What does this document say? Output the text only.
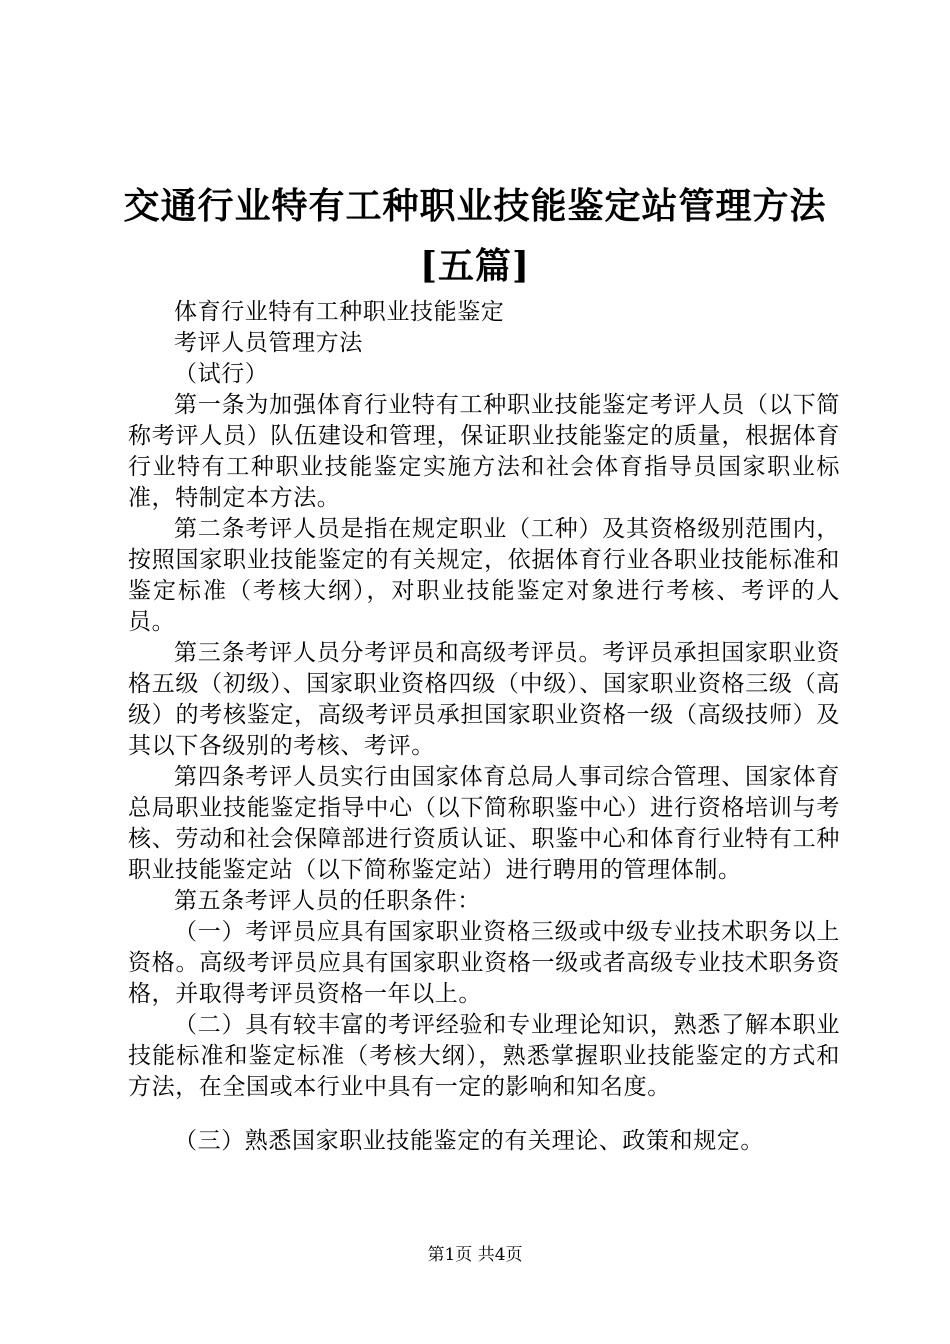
交通行业特有工种职业技能鉴定站管理方法
[五篇]

体育行业特有工种职业技能鉴定

考评人员管理方法

（试行）

第一条为加强体育行业特有工种职业技能鉴定考评人员（以下简称考评人员）队伍建设和管理，保证职业技能鉴定的质量，根据体育行业特有工种职业技能鉴定实施方法和社会体育指导员国家职业标准，特制定本方法。

第二条考评人员是指在规定职业（工种）及其资格级别范围内，按照国家职业技能鉴定的有关规定，依据体育行业各职业技能标准和鉴定标准（考核大纲），对职业技能鉴定对象进行考核、考评的人员。

第三条考评人员分考评员和高级考评员。考评员承担国家职业资格五级（初级）、国家职业资格四级（中级）、国家职业资格三级（高级）的考核鉴定，高级考评员承担国家职业资格一级（高级技师）及其以下各级别的考核、考评。

第四条考评人员实行由国家体育总局人事司综合管理、国家体育总局职业技能鉴定指导中心（以下简称职鉴中心）进行资格培训与考核、劳动和社会保障部进行资质认证、职鉴中心和体育行业特有工种职业技能鉴定站（以下简称鉴定站）进行聘用的管理体制。

第五条考评人员的任职条件：

（一）考评员应具有国家职业资格三级或中级专业技术职务以上资格。高级考评员应具有国家职业资格一级或者高级专业技术职务资格，并取得考评员资格一年以上。

（二）具有较丰富的考评经验和专业理论知识，熟悉了解本职业技能标准和鉴定标准（考核大纲），熟悉掌握职业技能鉴定的方式和方法，在全国或本行业中具有一定的影响和知名度。

（三）熟悉国家职业技能鉴定的有关理论、政策和规定。

第1页 共4页
